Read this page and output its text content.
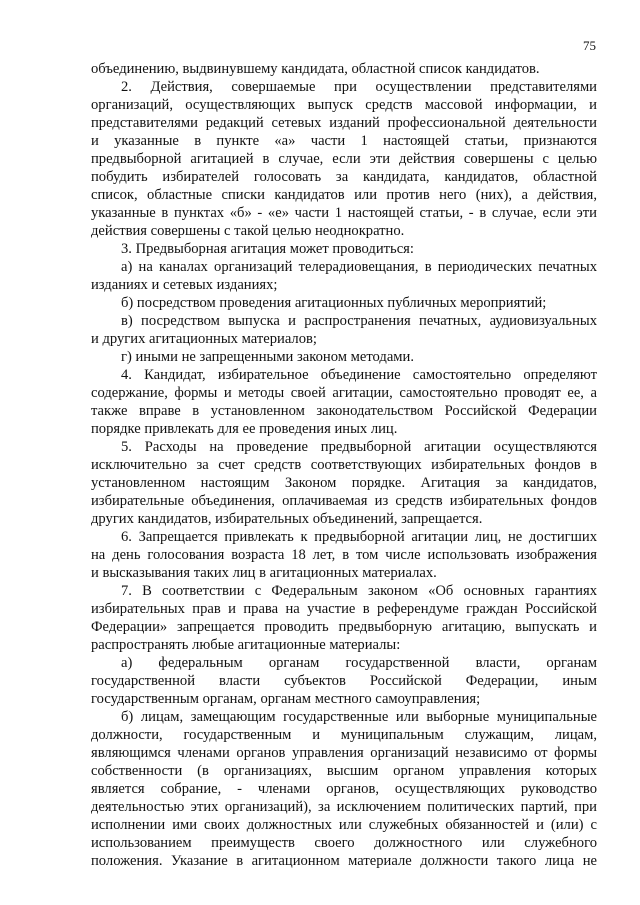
75
объединению, выдвинувшему кандидата, областной список кандидатов.
2. Действия, совершаемые при осуществлении представителями
организаций, осуществляющих выпуск средств массовой информации, и
представителями редакций сетевых изданий профессиональной деятельности
и указанные в пункте «а» части 1 настоящей статьи, признаются
предвыборной агитацией в случае, если эти действия совершены с целью
побудить избирателей голосовать за кандидата, кандидатов, областной
список, областные списки кандидатов или против него (них), а действия,
указанные в пунктах «б» - «е» части 1 настоящей статьи, - в случае, если эти
действия совершены с такой целью неоднократно.
3. Предвыборная агитация может проводиться:
а) на каналах организаций телерадиовещания, в периодических печатных
изданиях и сетевых изданиях;
б) посредством проведения агитационных публичных мероприятий;
в) посредством выпуска и распространения печатных, аудиовизуальных
и других агитационных материалов;
г) иными не запрещенными законом методами.
4. Кандидат, избирательное объединение самостоятельно определяют
содержание, формы и методы своей агитации, самостоятельно проводят ее, а
также вправе в установленном законодательством Российской Федерации
порядке привлекать для ее проведения иных лиц.
5. Расходы на проведение предвыборной агитации осуществляются
исключительно за счет средств соответствующих избирательных фондов в
установленном настоящим Законом порядке. Агитация за кандидатов,
избирательные объединения, оплачиваемая из средств избирательных фондов
других кандидатов, избирательных объединений, запрещается.
6. Запрещается привлекать к предвыборной агитации лиц, не достигших
на день голосования возраста 18 лет, в том числе использовать изображения
и высказывания таких лиц в агитационных материалах.
7. В соответствии с Федеральным законом «Об основных гарантиях
избирательных прав и права на участие в референдуме граждан Российской
Федерации» запрещается проводить предвыборную агитацию, выпускать и
распространять любые агитационные материалы:
а) федеральным органам государственной власти, органам
государственной власти субъектов Российской Федерации, иным
государственным органам, органам местного самоуправления;
б) лицам, замещающим государственные или выборные муниципальные
должности, государственным и муниципальным служащим, лицам,
являющимся членами органов управления организаций независимо от формы
собственности (в организациях, высшим органом управления которых
является собрание, - членами органов, осуществляющих руководство
деятельностью этих организаций), за исключением политических партий, при
исполнении ими своих должностных или служебных обязанностей и (или) с
использованием преимуществ своего должностного или служебного
положения. Указание в агитационном материале должности такого лица не
